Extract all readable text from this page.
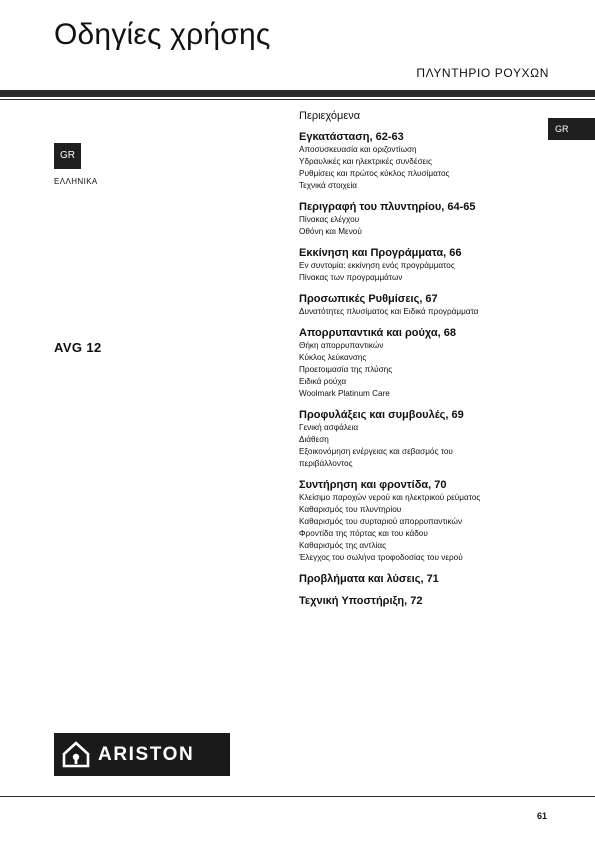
Οδηγίες χρήσης
ΠΛΥΝΤΗΡΙΟ ΡΟΥΧΩΝ
GR
ΕΛΛΗΝΙΚΑ
AVG 12
GR
Περιεχόμενα
Εγκατάσταση, 62-63
Αποσυσκευασία και οριζοντίωση
Υδραυλικές και ηλεκτρικές συνδέσεις
Ρυθμίσεις και πρώτος κύκλος πλυσίματος
Τεχνικά στοιχεία
Περιγραφή του πλυντηρίου, 64-65
Πίνακας ελέγχου
Οθόνη και Μενού
Εκκίνηση και Προγράμματα, 66
Εν συντομία: εκκίνηση ενός προγράμματος
Πίνακας των προγραμμάτων
Προσωπικές Ρυθμίσεις, 67
Δυνατότητες πλυσίματος και Ειδικά προγράμματα
Απορρυπαντικά και ρούχα, 68
Θήκη απορρυπαντικών
Κύκλος λεύκανσης
Προετοιμασία της πλύσης
Ειδικά ρούχα
Woolmark Platinum Care
Προφυλάξεις και συμβουλές, 69
Γενική ασφάλεια
Διάθεση
Εξοικονόμηση ενέργειας και σεβασμός του
περιβάλλοντος
Συντήρηση και φροντίδα, 70
Κλείσιμο παροχών νερού και ηλεκτρικού ρεύματος
Καθαρισμός του πλυντηρίου
Καθαρισμός του συρταριού απορρυπαντικών
Φροντίδα της πόρτας και του κάδου
Καθαρισμός της αντλίας
Έλεγχος του σωλήνα τροφοδοσίας του νερού
Προβλήματα και λύσεις, 71
Τεχνική Υποστήριξη, 72
ARISTON
61
